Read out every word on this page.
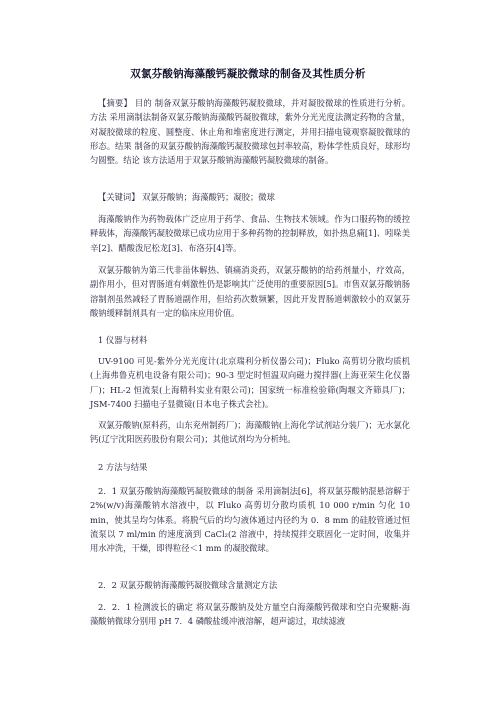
双氯芬酸钠海藻酸钙凝胶微球的制备及其性质分析

【摘要】 目的 制备双氯芬酸钠海藻酸钙凝胶微球，并对凝胶微球的性质进行分析。方法 采用滴制法制备双氯芬酸钠海藻酸钙凝胶微球，紫外分光光度法测定药物的含量，对凝胶微球的粒度、圆整度、休止角和堆密度进行测定，并用扫描电镜观察凝胶微球的形态。结果 制备的双氯芬酸钠海藻酸钙凝胶微球包封率较高，粉体学性质良好，球形均匀圆整。结论 该方法适用于双氯芬酸钠海藻酸钙凝胶微球的制备。

【关键词】 双氯芬酸钠；海藻酸钙；凝胶；微球

海藻酸钠作为药物载体广泛应用于药学、食品、生物技术领域。作为口服药物的缓控释载体，海藻酸钙凝胶微球已成功应用于多种药物的控制释放，如扑热息痛[1]、吲哚美辛[2]、醋酸泼尼松龙[3]、布洛芬[4]等。

双氯芬酸钠为第三代非甾体解热、镇痛消炎药，双氯芬酸钠的给药剂量小，疗效高，副作用小，但对胃肠道有刺激性仍是影响其广泛使用的重要原因[5]。市售双氯芬酸钠肠溶制剂虽然减轻了胃肠道副作用，但给药次数频繁，因此开发胃肠道刺激较小的双氯芬酸钠缓释制剂具有一定的临床应用价值。

1 仪器与材料

UV-9100 可见-紫外分光光度计(北京瑞利分析仪器公司)；Fluko 高剪切分散均质机(上海弗鲁克机电设备有限公司)；90-3 型定时恒温双向磁力搅拌器(上海亚荣生化仪器厂)；HL-2 恒流泵(上海精科实业有限公司)；国家统一标准检验筛(陶堰文齐筛具厂)；JSM-7400 扫描电子显微镜(日本电子株式会社)。

双氯芬酸钠(原料药，山东兖州制药厂)；海藻酸钠(上海化学试剂站分装厂)；无水氯化钙(辽宁沈阳医药股份有限公司)；其他试剂均为分析纯。

2 方法与结果

2．1 双氯芬酸钠海藻酸钙凝胶微球的制备 采用滴制法[6]，将双氯芬酸钠混悬溶解于 2%(w/v)海藻酸钠水溶液中，以 Fluko 高剪切分散均质机 10 000 r/min 匀化 10 min，使其呈均匀体系。将脱气后的均匀液体通过内径约为 0．8 mm 的硅胶管通过恒流泵以 7 ml/min 的速度滴到 CaCl₂(2 溶液中，持续搅拌交联固化一定时间，收集并用水冲洗，干燥，即得粒径＜1 mm 的凝胶微球。

2．2 双氯芬酸钠海藻酸钙凝胶微球含量测定方法

2．2．1 检测波长的确定 将双氯芬酸钠及处方量空白海藻酸钙微球和空白壳聚糖-海藻酸钠微球分别用 pH 7．4 磷酸盐缓冲液溶解，超声滤过，取续滤液
